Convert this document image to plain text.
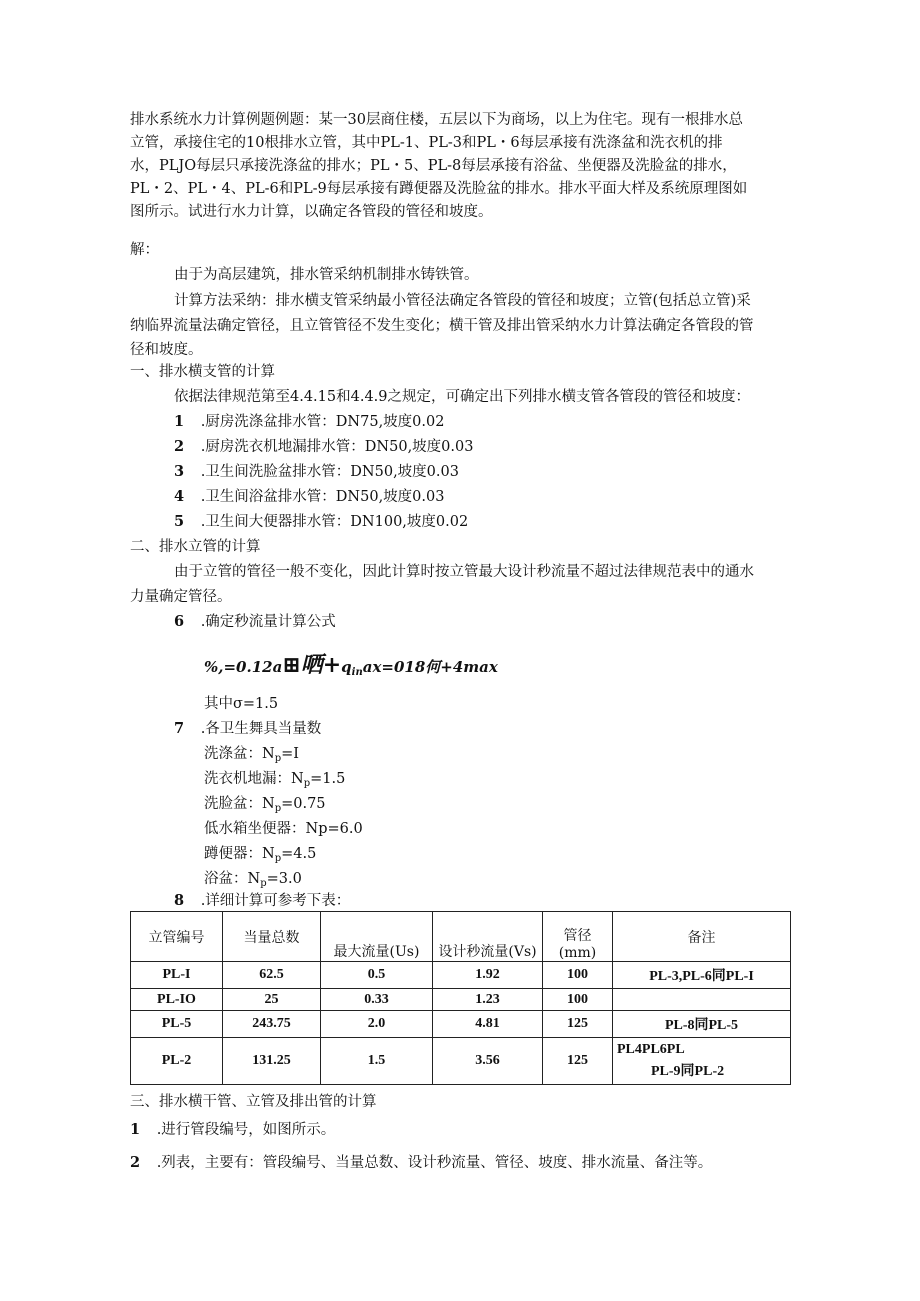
排水系统水力计算例题例题：某一30层商住楼，五层以下为商场，以上为住宅。现有一根排水总
立管，承接住宅的10根排水立管，其中PL-1、PL-3和PL・6每层承接有洗涤盆和洗衣机的排
水，PLJO每层只承接洗涤盆的排水；PL・5、PL-8每层承接有浴盆、坐便器及洗脸盆的排水，
PL・2、PL・4、PL-6和PL-9每层承接有蹲便器及洗脸盆的排水。排水平面大样及系统原理图如
图所示。试进行水力计算，以确定各管段的管径和坡度。
解：
由于为高层建筑，排水管采纳机制排水铸铁管。
计算方法采纳：排水横支管采纳最小管径法确定各管段的管径和坡度；立管(包括总立管)采
纳临界流量法确定管径，且立管管径不发生变化；横干管及排出管采纳水力计算法确定各管段的管
径和坡度。
一、排水横支管的计算
依据法律规范第至4.4.15和4.4.9之规定，可确定出下列排水横支管各管段的管径和坡度：
1 .厨房洗涤盆排水管：DN75,坡度0.02
2 .厨房洗衣机地漏排水管：DN50,坡度0.03
3 .卫生间洗脸盆排水管：DN50,坡度0.03
4 .卫生间浴盆排水管：DN50,坡度0.03
5 .卫生间大便器排水管：DN100,坡度0.02
二、排水立管的计算
由于立管的管径一般不变化，因此计算时按立管最大设计秒流量不超过法律规范表中的通水
力量确定管径。
6 .确定秒流量计算公式
%,=0.12a⊞哂$+q_{in}ax=018$何+4max
其中σ=1.5
7 .各卫生舞具当量数
洗涤盆：$N_p=I$
洗衣机地漏：$N_p=1.5$
洗脸盆：$N_p=0.75$
低水箱坐便器：Np=6.0
蹲便器：$N_p=4.5$
浴盆：$N_p=3.0$
8 .详细计算可参考下表：
立管编号	当量总数	最大流量(Us)	设计秒流量(Vs)	管径(mm)	备注
PL-I	62.5	0.5	1.92	100	PL-3,PL-6同PL-I
PL-IO	25	0.33	1.23	100	
PL-5	243.75	2.0	4.81	125	PL-8同PL-5
PL-2	131.25	1.5	3.56	125	PL4PL6PL
PL-9同PL-2
三、排水横干管、立管及排出管的计算
1 .进行管段编号，如图所示。
2 .列表，主要有：管段编号、当量总数、设计秒流量、管径、坡度、排水流量、备注等。
